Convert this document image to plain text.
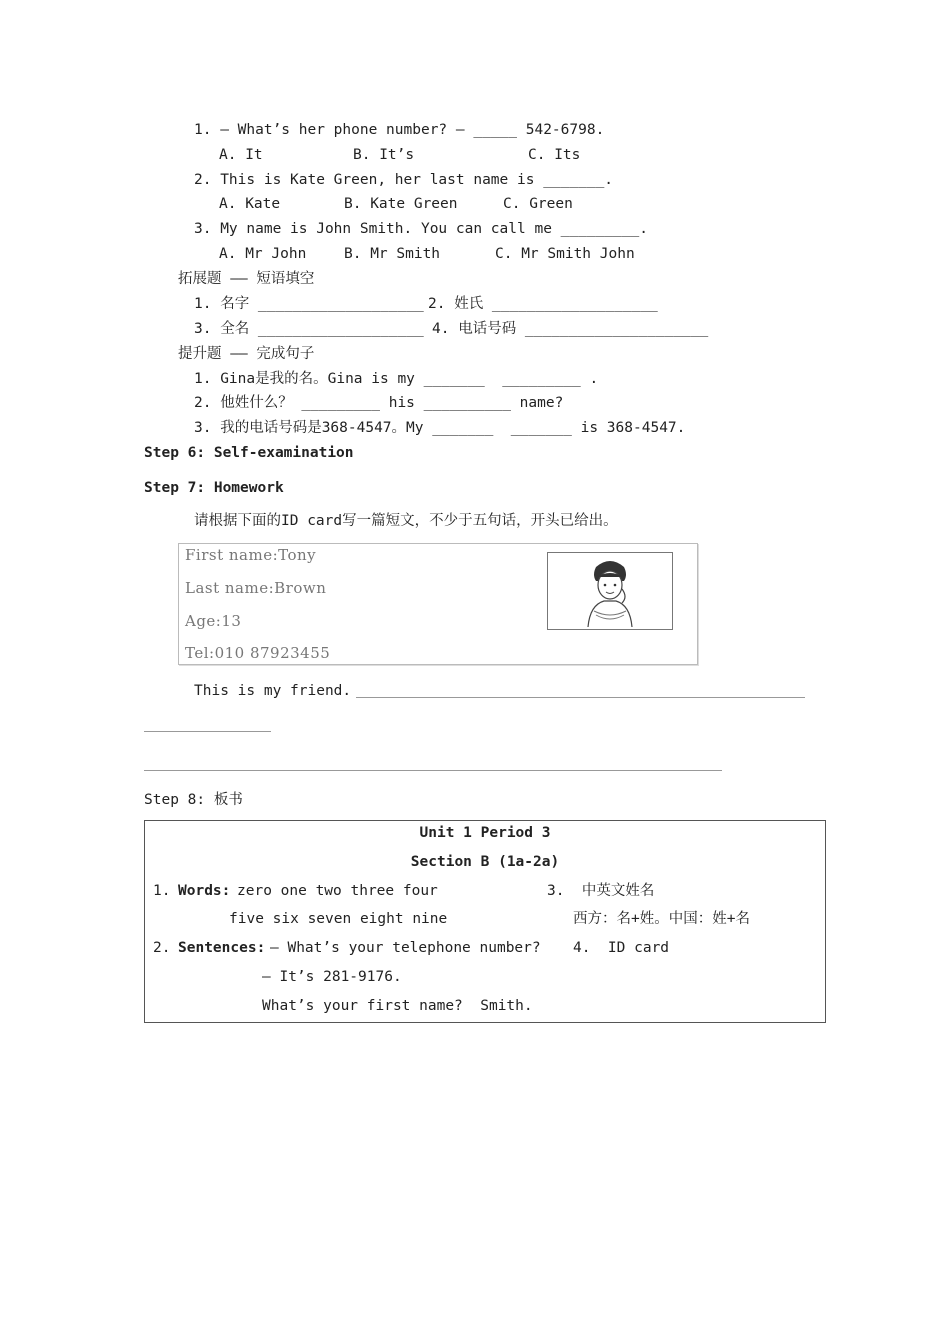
1. — What’s her phone number? — _____ 542-6798.
A. It	B. It’s	C. Its
2. This is Kate Green, her last name is _______.
A. Kate	B. Kate Green	C. Green
3. My name is John Smith. You can call me _________.
A. Mr John	B. Mr Smith	C. Mr Smith John
拓展题 —— 短语填空
1. 名字 ___________________ 2. 姓氏 ___________________
3. 全名 ___________________ 4. 电话号码 _____________________
提升题 —— 完成句子
1. Gina是我的名。Gina is my _______  _________ .
2. 他姓什么？ _________ his __________ name?
3. 我的电话号码是368-4547。My _______  _______ is 368-4547.
Step 6: Self-examination
Step 7: Homework
请根据下面的ID card写一篇短文，不少于五句话，开头已给出。
First name:Tony
Last name:Brown
Age:13
Tel:010 87923455
This is my friend.
Step 8: 板书
Unit 1 Period 3
Section B (1a-2a)
1. Words: zero one two three four
five six seven eight nine
2. Sentences: — What’s your telephone number?
— It’s 281-9176.
What’s your first name?  Smith.
3.  中英文姓名
西方：名+姓。中国：姓+名
4.  ID card
